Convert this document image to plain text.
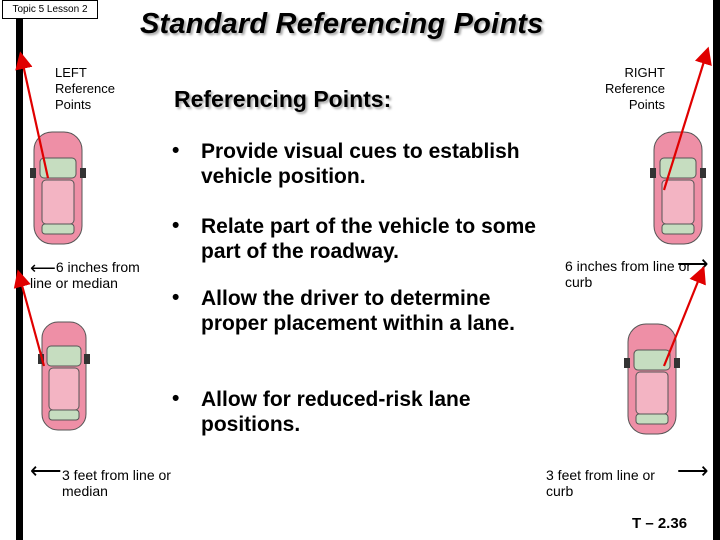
Topic 5 Lesson 2	Standard Referencing Points
LEFT Reference Points
RIGHT Reference Points
Referencing Points:
• Provide visual cues to establish vehicle position.
• Relate part of the vehicle to some part of the roadway.
• Allow the driver to determine proper placement within a lane.
• Allow for reduced-risk lane positions.
⟵6 inches from line or median
6 inches from line or curb
3 feet from line or median
3 feet from line or curb
⟶
⟵	⟶
T – 2.36
